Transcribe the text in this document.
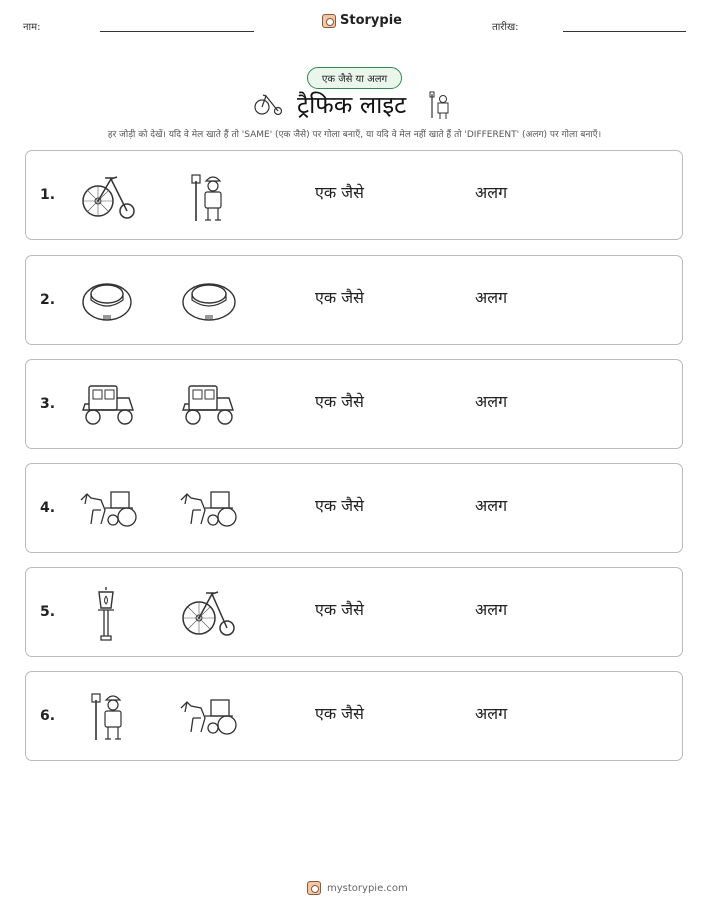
नाम:	Storypie	तारीख:
एक जैसे या अलग
ट्रैफिक लाइट
हर जोड़ी को देखें। यदि वे मेल खाते हैं तो 'SAME' (एक जैसे) पर गोला बनाएँ, या यदि वे मेल नहीं खाते हैं तो 'DIFFERENT' (अलग) पर गोला बनाएँ।
1.	एक जैसे	अलग
2.	एक जैसे	अलग
3.	एक जैसे	अलग
4.	एक जैसे	अलग
5.	एक जैसे	अलग
6.	एक जैसे	अलग
mystorypie.com
